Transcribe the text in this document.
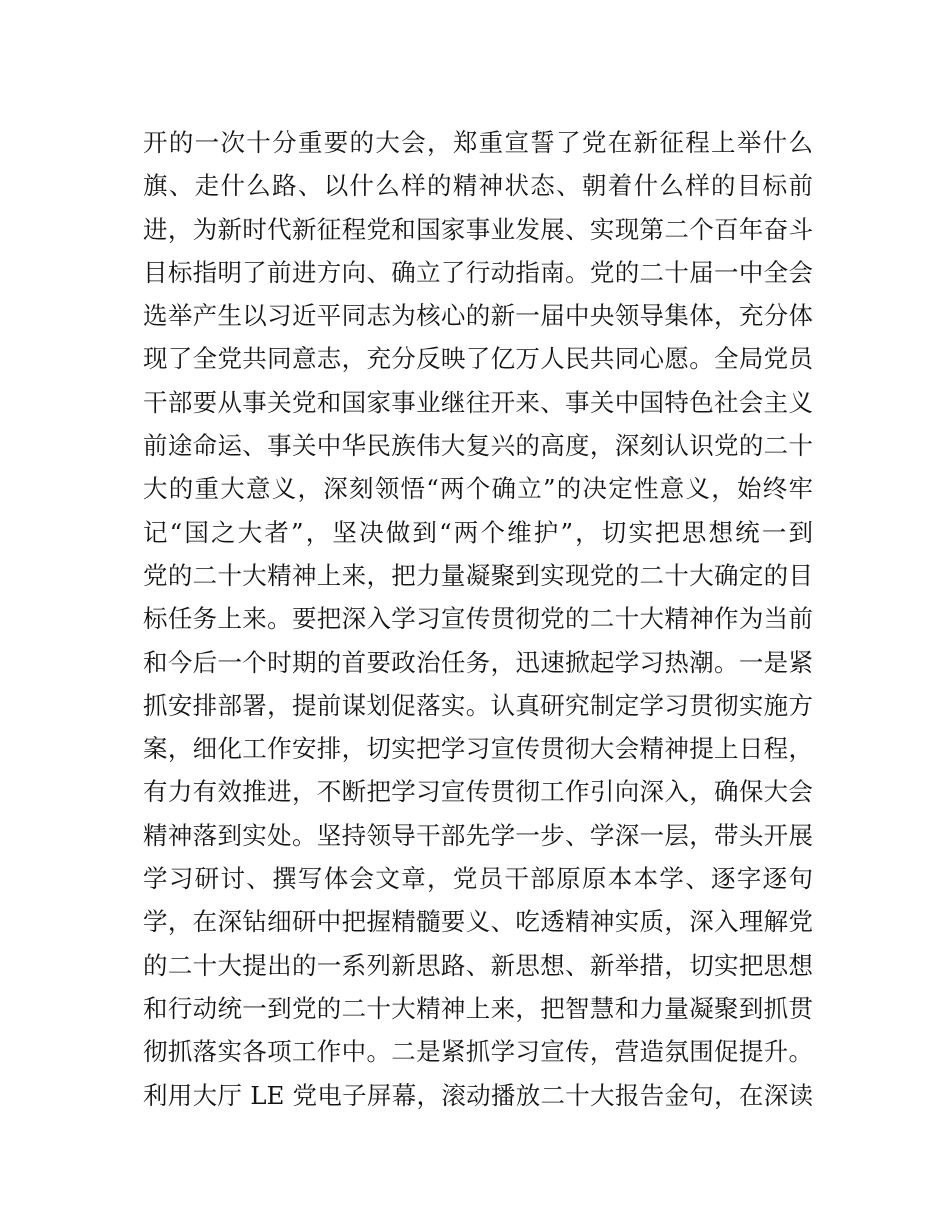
开的一次十分重要的大会，郑重宣誓了党在新征程上举什么
旗、走什么路、以什么样的精神状态、朝着什么样的目标前
进，为新时代新征程党和国家事业发展、实现第二个百年奋斗
目标指明了前进方向、确立了行动指南。党的二十届一中全会
选举产生以习近平同志为核心的新一届中央领导集体，充分体
现了全党共同意志，充分反映了亿万人民共同心愿。全局党员
干部要从事关党和国家事业继往开来、事关中国特色社会主义
前途命运、事关中华民族伟大复兴的高度，深刻认识党的二十
大的重大意义，深刻领悟“两个确立”的决定性意义，始终牢
记“国之大者”，坚决做到“两个维护”，切实把思想统一到
党的二十大精神上来，把力量凝聚到实现党的二十大确定的目
标任务上来。要把深入学习宣传贯彻党的二十大精神作为当前
和今后一个时期的首要政治任务，迅速掀起学习热潮。一是紧
抓安排部署，提前谋划促落实。认真研究制定学习贯彻实施方
案，细化工作安排，切实把学习宣传贯彻大会精神提上日程，
有力有效推进，不断把学习宣传贯彻工作引向深入，确保大会
精神落到实处。坚持领导干部先学一步、学深一层，带头开展
学习研讨、撰写体会文章，党员干部原原本本学、逐字逐句
学，在深钻细研中把握精髓要义、吃透精神实质，深入理解党
的二十大提出的一系列新思路、新思想、新举措，切实把思想
和行动统一到党的二十大精神上来，把智慧和力量凝聚到抓贯
彻抓落实各项工作中。二是紧抓学习宣传，营造氛围促提升。
利用大厅 LE 党电子屏幕，滚动播放二十大报告金句，在深读
